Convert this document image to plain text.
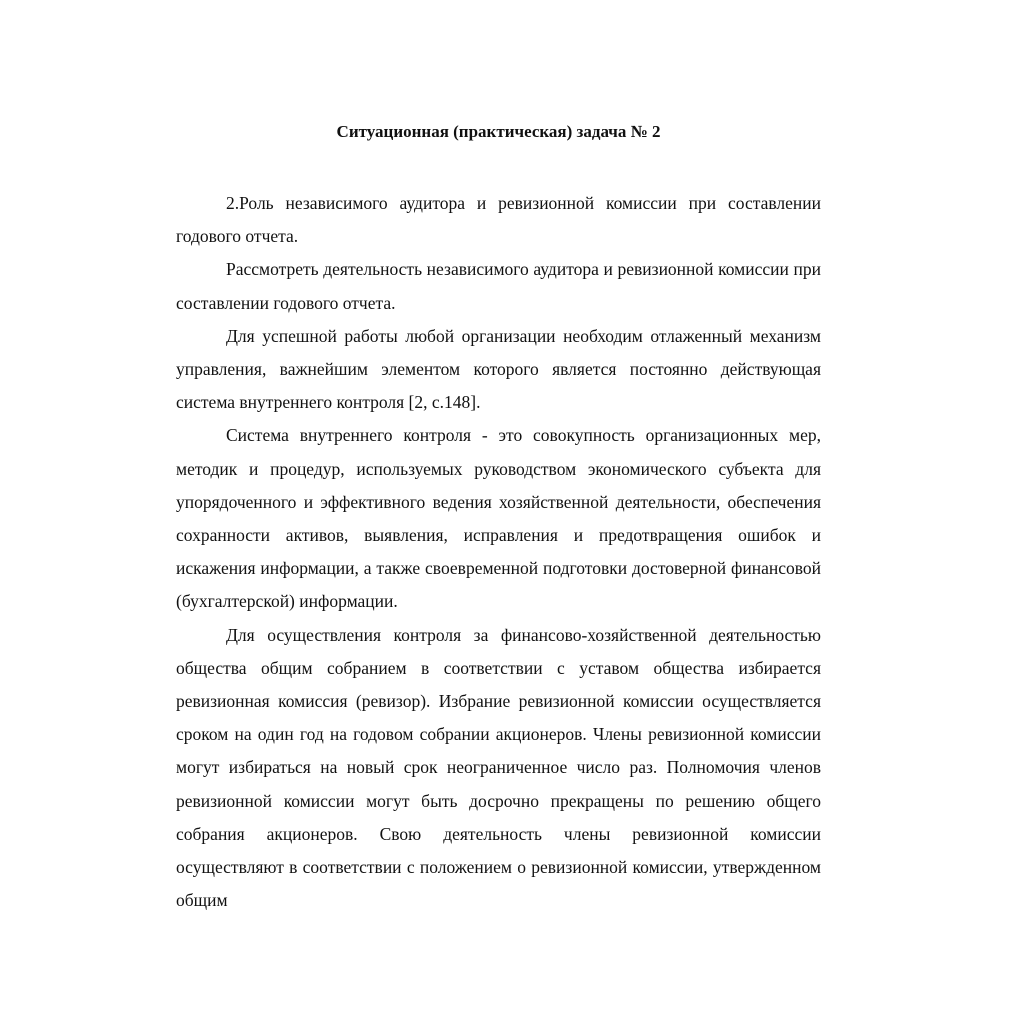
Ситуационная (практическая) задача № 2

2.Роль независимого аудитора и ревизионной комиссии при составлении годового отчета.

Рассмотреть деятельность независимого аудитора и ревизионной комиссии при составлении годового отчета.

Для успешной работы любой организации необходим отлаженный механизм управления, важнейшим элементом которого является постоянно действующая система внутреннего контроля [2, с.148].

Система внутреннего контроля - это совокупность организационных мер, методик и процедур, используемых руководством экономического субъекта для упорядоченного и эффективного ведения хозяйственной деятельности, обеспечения сохранности активов, выявления, исправления и предотвращения ошибок и искажения информации, а также своевременной подготовки достоверной финансовой (бухгалтерской) информации.

Для осуществления контроля за финансово-хозяйственной деятельностью общества общим собранием в соответствии с уставом общества избирается ревизионная комиссия (ревизор). Избрание ревизионной комиссии осуществляется сроком на один год на годовом собрании акционеров. Члены ревизионной комиссии могут избираться на новый срок неограниченное число раз. Полномочия членов ревизионной комиссии могут быть досрочно прекращены по решению общего собрания акционеров. Свою деятельность члены ревизионной комиссии осуществляют в соответствии с положением о ревизионной комиссии, утвержденном общим
